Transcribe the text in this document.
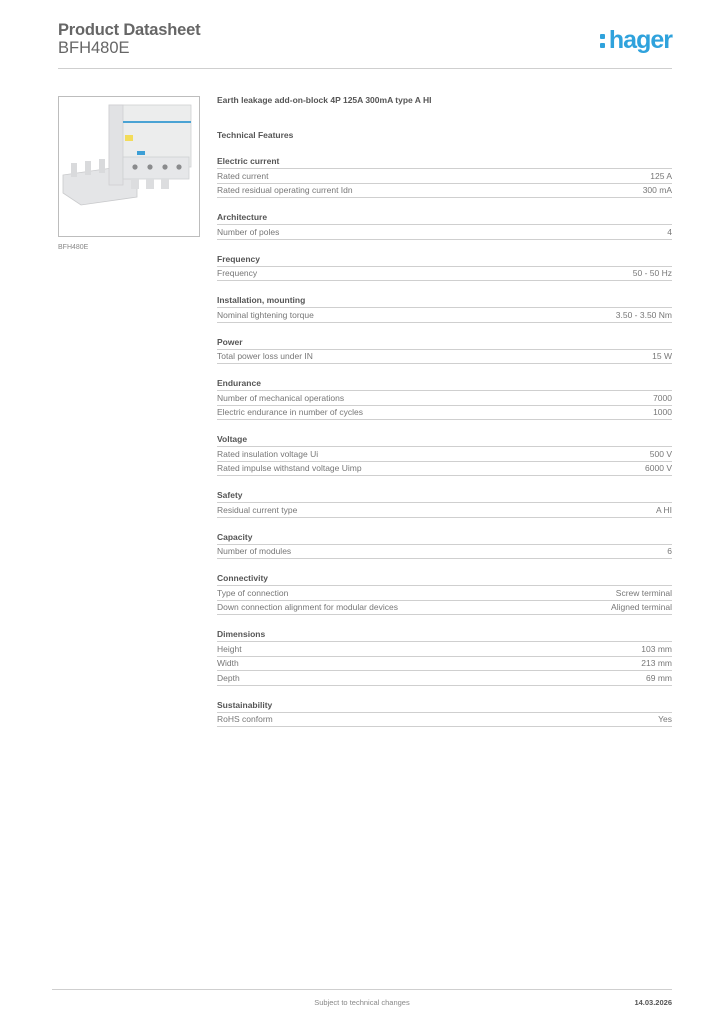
Product Datasheet
BFH480E	hager
BFH480E
Earth leakage add-on-block 4P 125A 300mA type A HI
Technical Features
Electric current
Rated current	125 A
Rated residual operating current Idn	300 mA
Architecture
Number of poles	4
Frequency
Frequency	50 - 50 Hz
Installation, mounting
Nominal tightening torque	3.50 - 3.50 Nm
Power
Total power loss under IN	15 W
Endurance
Number of mechanical operations	7000
Electric endurance in number of cycles	1000
Voltage
Rated insulation voltage Ui	500 V
Rated impulse withstand voltage Uimp	6000 V
Safety
Residual current type	A HI
Capacity
Number of modules	6
Connectivity
Type of connection	Screw terminal
Down connection alignment for modular devices	Aligned terminal
Dimensions
Height	103 mm
Width	213 mm
Depth	69 mm
Sustainability
RoHS conform	Yes
Subject to technical changes	14.03.2026
